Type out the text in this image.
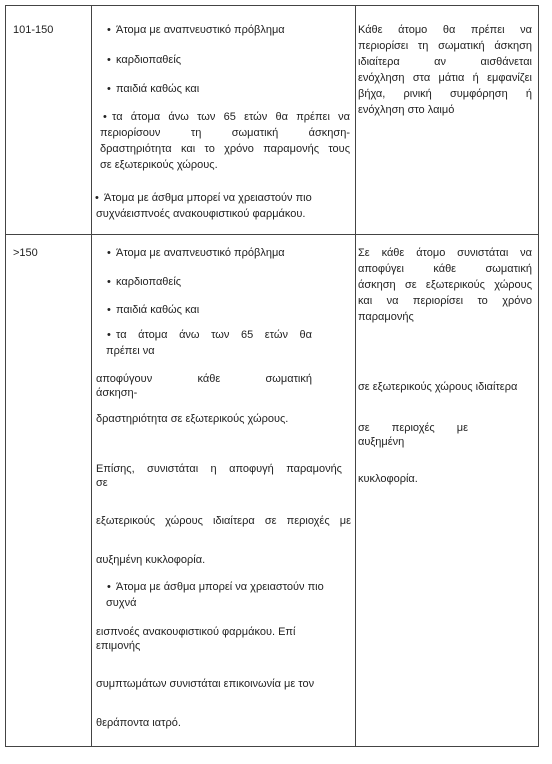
101-150	• Άτομα με αναπνευστικό πρόβλημα
• καρδιοπαθείς
• παιδιά καθώς και
• τα άτομα άνω των 65 ετών θα πρέπει να
περιορίσουν τη σωματική άσκηση-
δραστηριότητα και το χρόνο παραμονής τους
σε εξωτερικούς χώρους.
• Άτομα με άσθμα μπορεί να χρειαστούν πιο
συχνάεισπνοές ανακουφιστικού φαρμάκου.
Κάθε άτομο θα πρέπει να
περιορίσει τη σωματική άσκηση
ιδιαίτερα αν αισθάνεται
ενόχληση στα μάτια ή εμφανίζει
βήχα, ρινική συμφόρηση ή
ενόχληση στο λαιμό
>150	• Άτομα με αναπνευστικό πρόβλημα
• καρδιοπαθείς
• παιδιά καθώς και
• τα άτομα άνω των 65 ετών θα
πρέπει να
αποφύγουν κάθε σωματική
άσκηση-
δραστηριότητα σε εξωτερικούς χώρους.
Επίσης, συνιστάται η αποφυγή παραμονής
σε
εξωτερικούς χώρους ιδιαίτερα σε περιοχές με
αυξημένη κυκλοφορία.
• Άτομα με άσθμα μπορεί να χρειαστούν πιο
συχνά
εισπνοές ανακουφιστικού φαρμάκου. Επί
επιμονής
συμπτωμάτων συνιστάται επικοινωνία με τον
θεράποντα ιατρό.
Σε κάθε άτομο συνιστάται να
αποφύγει κάθε σωματική
άσκηση σε εξωτερικούς χώρους
και να περιορίσει το χρόνο
παραμονής
σε εξωτερικούς χώρους ιδιαίτερα
σε περιοχές με
αυξημένη
κυκλοφορία.
